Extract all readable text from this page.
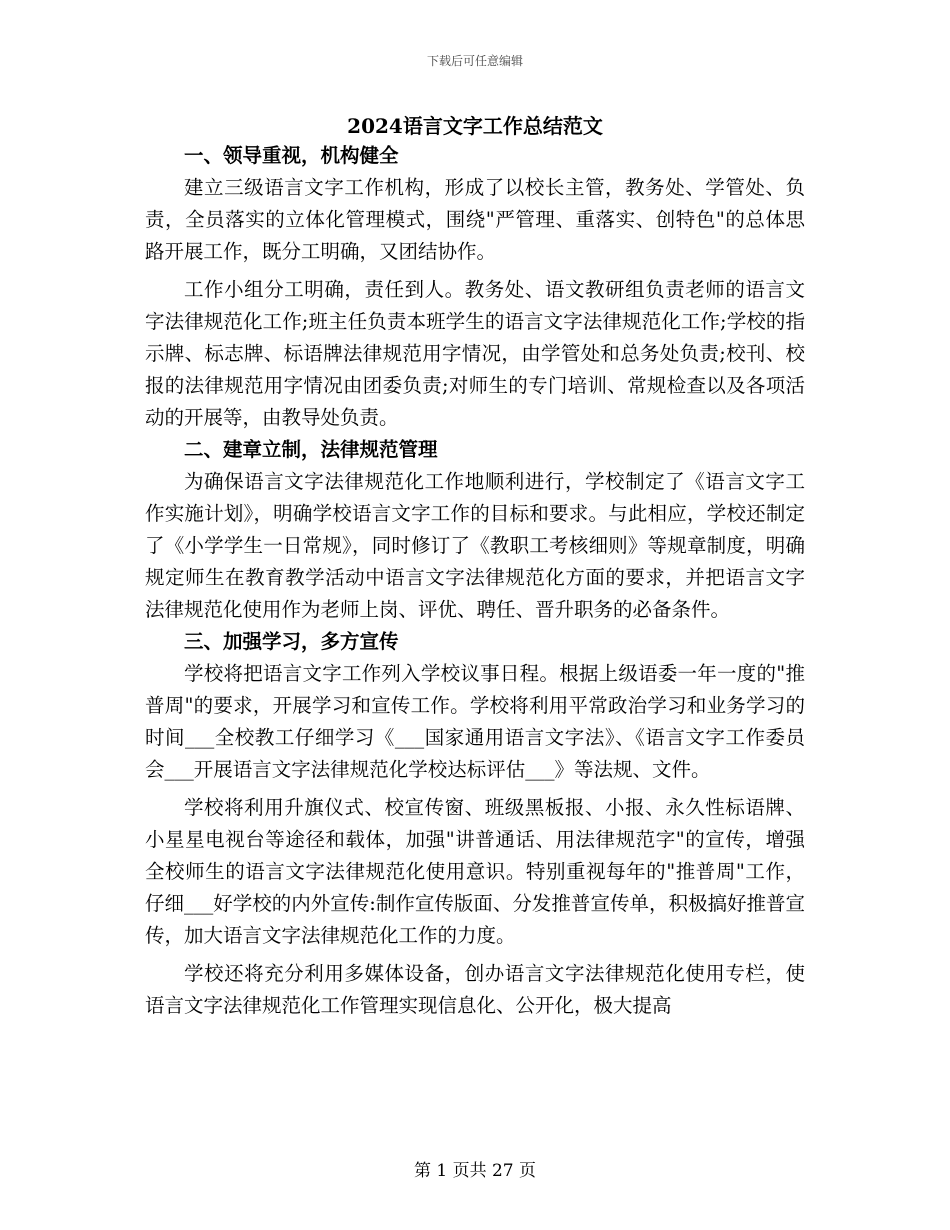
下载后可任意编辑
2024语言文字工作总结范文
一、领导重视，机构健全

建立三级语言文字工作机构，形成了以校长主管，教务处、学管处、负责，全员落实的立体化管理模式，围绕"严管理、重落实、创特色"的总体思路开展工作，既分工明确，又团结协作。

工作小组分工明确，责任到人。教务处、语文教研组负责老师的语言文字法律规范化工作;班主任负责本班学生的语言文字法律规范化工作;学校的指示牌、标志牌、标语牌法律规范用字情况，由学管处和总务处负责;校刊、校报的法律规范用字情况由团委负责;对师生的专门培训、常规检查以及各项活动的开展等，由教导处负责。

二、建章立制，法律规范管理

为确保语言文字法律规范化工作地顺利进行，学校制定了《语言文字工作实施计划》，明确学校语言文字工作的目标和要求。与此相应，学校还制定了《小学学生一日常规》，同时修订了《教职工考核细则》等规章制度，明确规定师生在教育教学活动中语言文字法律规范化方面的要求，并把语言文字法律规范化使用作为老师上岗、评优、聘任、晋升职务的必备条件。

三、加强学习，多方宣传

学校将把语言文字工作列入学校议事日程。根据上级语委一年一度的"推普周"的要求，开展学习和宣传工作。学校将利用平常政治学习和业务学习的时间___全校教工仔细学习《___国家通用语言文字法》、《语言文字工作委员会___开展语言文字法律规范化学校达标评估___》等法规、文件。

学校将利用升旗仪式、校宣传窗、班级黑板报、小报、永久性标语牌、小星星电视台等途径和载体，加强"讲普通话、用法律规范字"的宣传，增强全校师生的语言文字法律规范化使用意识。特别重视每年的"推普周"工作，仔细___好学校的内外宣传:制作宣传版面、分发推普宣传单，积极搞好推普宣传，加大语言文字法律规范化工作的力度。

学校还将充分利用多媒体设备，创办语言文字法律规范化使用专栏，使语言文字法律规范化工作管理实现信息化、公开化，极大提高

第 1 页共 27 页
